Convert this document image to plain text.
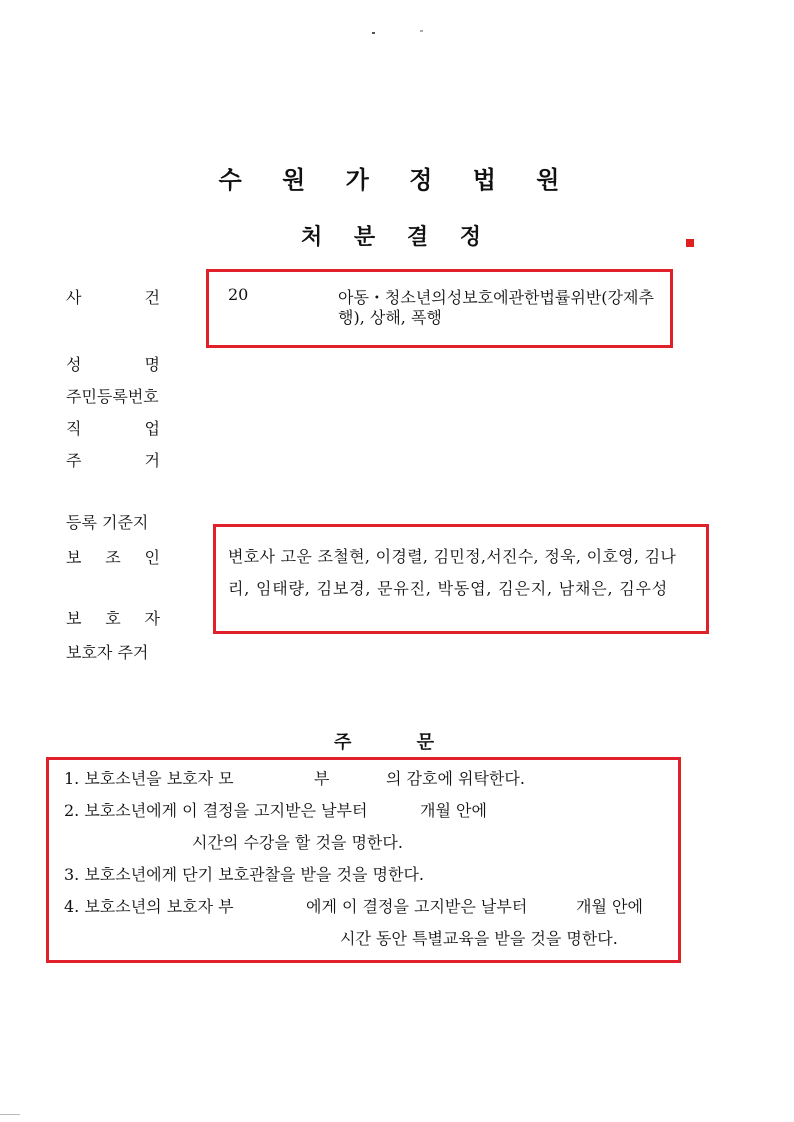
수 원 가 정 법 원
처 분 결 정
사	건	20	아동・청소년의성보호에관한법률위반(강제추
행), 상해, 폭행
성	명
주민등록번호
직	업
주	거
등록 기준지
보 조 인	변호사 고운 조철현, 이경렬, 김민정,서진수, 정욱, 이호영, 김나
리, 임태량, 김보경, 문유진, 박동엽, 김은지, 남채은, 김우성
보 호 자
보호자 주거
주	문
1. 보호소년을 보호자 모	부	의 감호에 위탁한다.
2. 보호소년에게 이 결정을 고지받은 날부터	개월 안에
시간의 수강을 할 것을 명한다.
3. 보호소년에게 단기 보호관찰을 받을 것을 명한다.
4. 보호소년의 보호자 부	에게 이 결정을 고지받은 날부터	개월 안에
시간 동안 특별교육을 받을 것을 명한다.
